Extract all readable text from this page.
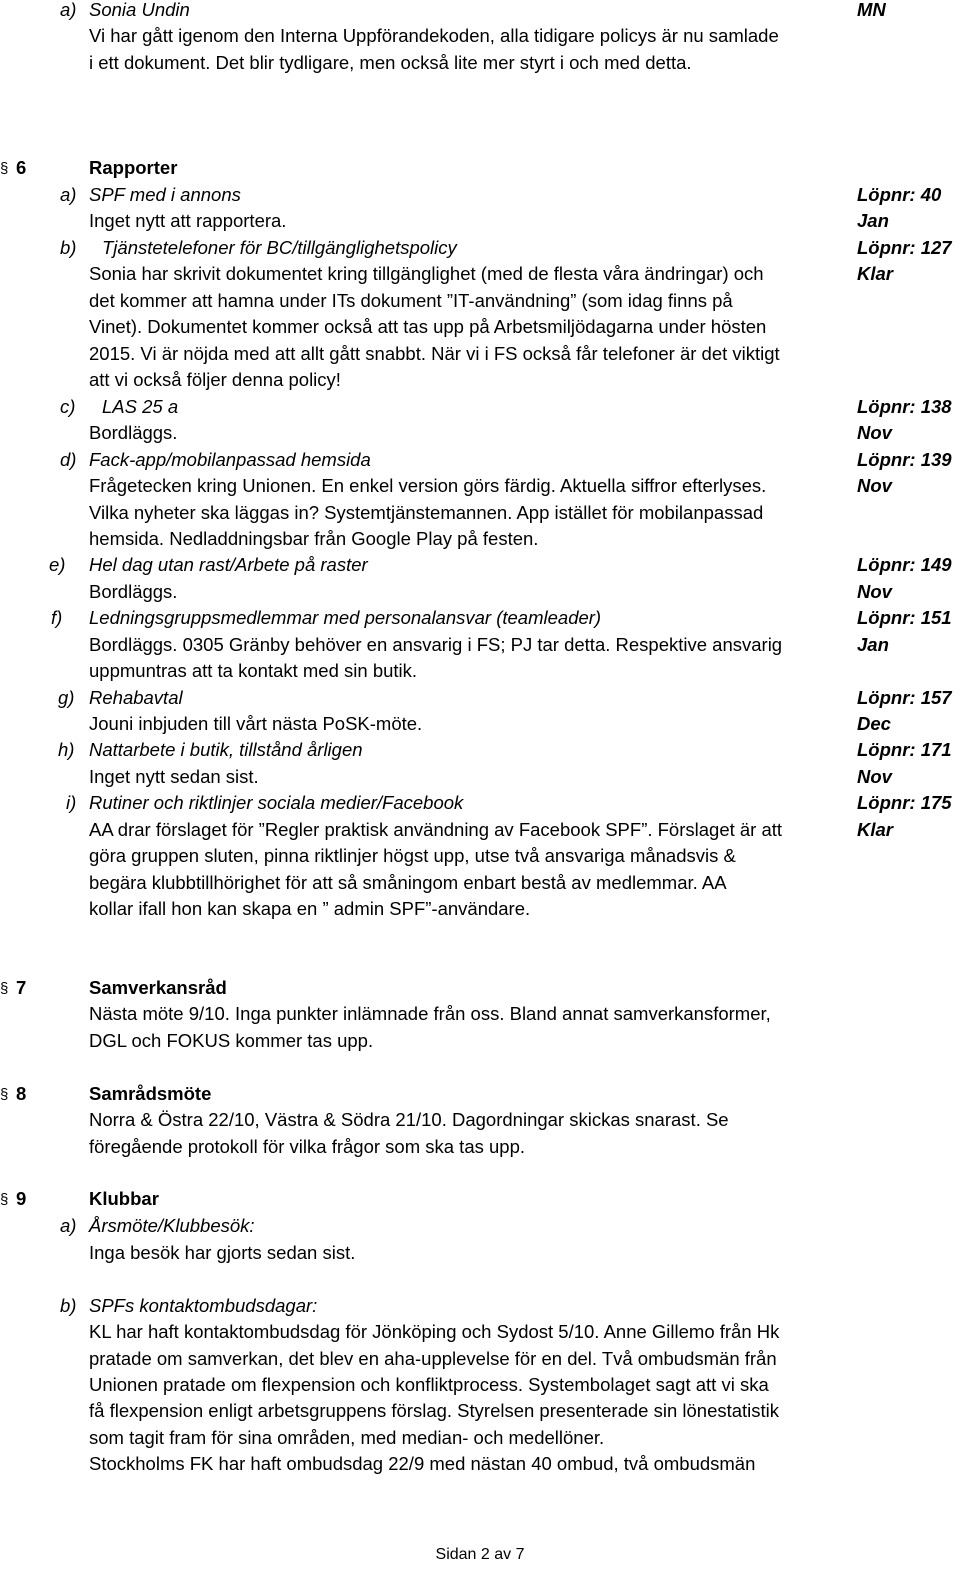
a) Sonia Undin	MN
Vi har gått igenom den Interna Uppförandekoden, alla tidigare policys är nu samlade
i ett dokument. Det blir tydligare, men också lite mer styrt i och med detta.
§ 6	Rapporter
a) SPF med i annons	Löpnr: 40
Inget nytt att rapportera.	Jan
b) Tjänstetelefoner för BC/tillgänglighetspolicy	Löpnr: 127
Sonia har skrivit dokumentet kring tillgänglighet (med de flesta våra ändringar) och	Klar
det kommer att hamna under ITs dokument ”IT-användning” (som idag finns på
Vinet). Dokumentet kommer också att tas upp på Arbetsmiljödagarna under hösten
2015. Vi är nöjda med att allt gått snabbt. När vi i FS också får telefoner är det viktigt
att vi också följer denna policy!
c) LAS 25 a	Löpnr: 138
Bordläggs.	Nov
d) Fack-app/mobilanpassad hemsida	Löpnr: 139
Frågetecken kring Unionen. En enkel version görs färdig. Aktuella siffror efterlyses.	Nov
Vilka nyheter ska läggas in? Systemtjänstemannen. App istället för mobilanpassad
hemsida. Nedladdningsbar från Google Play på festen.
e) Hel dag utan rast/Arbete på raster	Löpnr: 149
Bordläggs.	Nov
f) Ledningsgruppsmedlemmar med personalansvar (teamleader)	Löpnr: 151
Bordläggs. 0305 Gränby behöver en ansvarig i FS; PJ tar detta. Respektive ansvarig	Jan
uppmuntras att ta kontakt med sin butik.
g) Rehabavtal	Löpnr: 157
Jouni inbjuden till vårt nästa PoSK-möte.	Dec
h) Nattarbete i butik, tillstånd årligen	Löpnr: 171
Inget nytt sedan sist.	Nov
i) Rutiner och riktlinjer sociala medier/Facebook	Löpnr: 175
AA drar förslaget för ”Regler praktisk användning av Facebook SPF”. Förslaget är att	Klar
göra gruppen sluten, pinna riktlinjer högst upp, utse två ansvariga månadsvis &
begära klubbtillhörighet för att så småningom enbart bestå av medlemmar. AA
kollar ifall hon kan skapa en ” admin SPF”-användare.
§ 7	Samverkansråd
Nästa möte 9/10. Inga punkter inlämnade från oss. Bland annat samverkansformer,
DGL och FOKUS kommer tas upp.
§ 8	Samrådsmöte
Norra & Östra 22/10, Västra & Södra 21/10. Dagordningar skickas snarast. Se
föregående protokoll för vilka frågor som ska tas upp.
§ 9	Klubbar
a) Årsmöte/Klubbesök:
Inga besök har gjorts sedan sist.
b) SPFs kontaktombudsdagar:
KL har haft kontaktombudsdag för Jönköping och Sydost 5/10. Anne Gillemo från Hk
pratade om samverkan, det blev en aha-upplevelse för en del. Två ombudsmän från
Unionen pratade om flexpension och konfliktprocess. Systembolaget sagt att vi ska
få flexpension enligt arbetsgruppens förslag. Styrelsen presenterade sin lönestatistik
som tagit fram för sina områden, med median- och medellöner.
Stockholms FK har haft ombudsdag 22/9 med nästan 40 ombud, två ombudsmän
Sidan 2 av 7
